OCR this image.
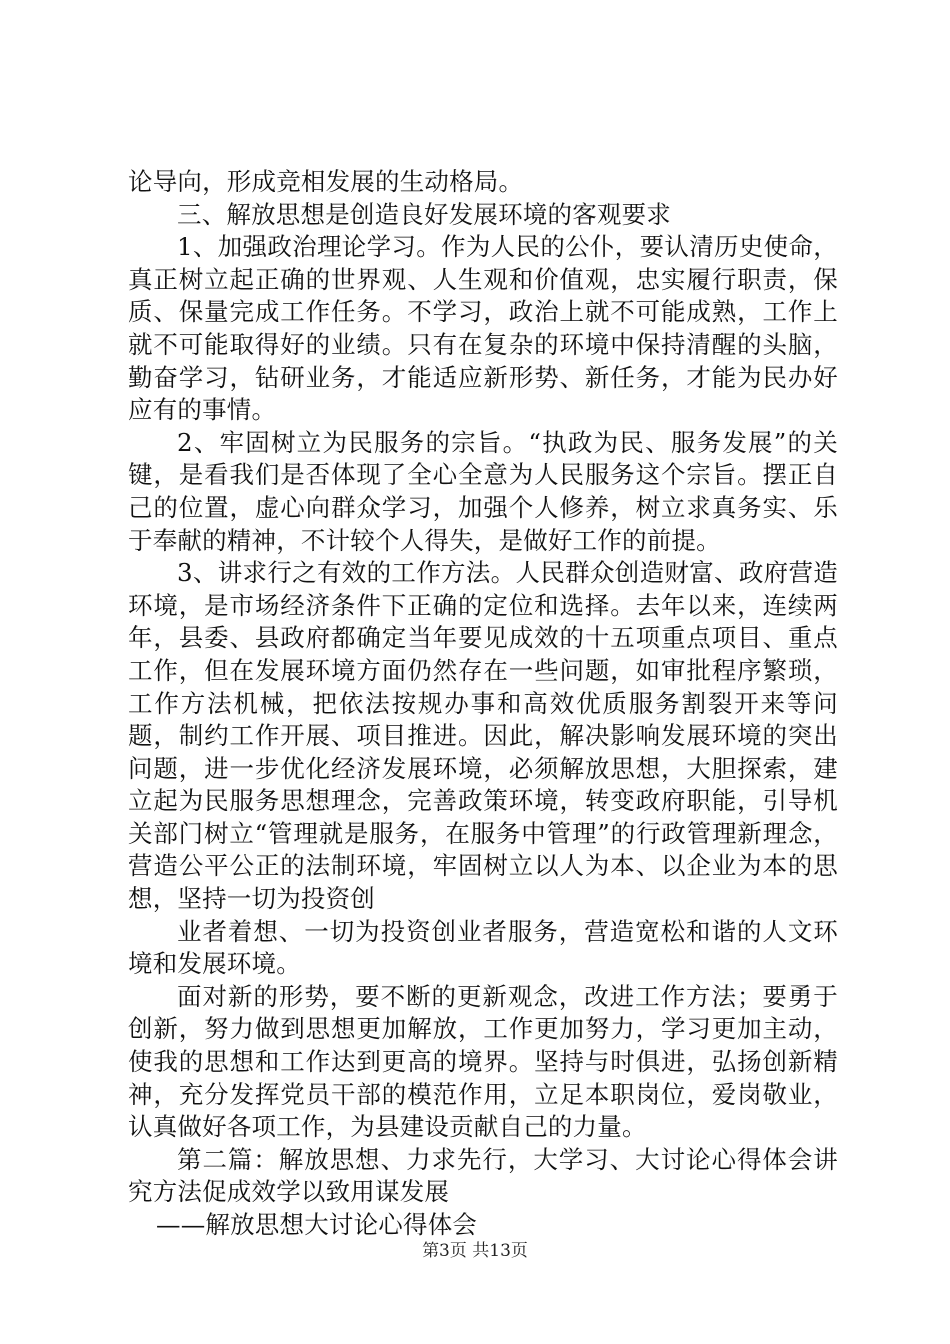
论导向，形成竞相发展的生动格局。

三、解放思想是创造良好发展环境的客观要求

1、加强政治理论学习。作为人民的公仆，要认清历史使命，真正树立起正确的世界观、人生观和价值观，忠实履行职责，保质、保量完成工作任务。不学习，政治上就不可能成熟，工作上就不可能取得好的业绩。只有在复杂的环境中保持清醒的头脑，勤奋学习，钻研业务，才能适应新形势、新任务，才能为民办好应有的事情。

2、牢固树立为民服务的宗旨。“执政为民、服务发展”的关键，是看我们是否体现了全心全意为人民服务这个宗旨。摆正自己的位置，虚心向群众学习，加强个人修养，树立求真务实、乐于奉献的精神，不计较个人得失，是做好工作的前提。

3、讲求行之有效的工作方法。人民群众创造财富、政府营造环境，是市场经济条件下正确的定位和选择。去年以来，连续两年，县委、县政府都确定当年要见成效的十五项重点项目、重点工作，但在发展环境方面仍然存在一些问题，如审批程序繁琐，工作方法机械，把依法按规办事和高效优质服务割裂开来等问题，制约工作开展、项目推进。因此，解决影响发展环境的突出问题，进一步优化经济发展环境，必须解放思想，大胆探索，建立起为民服务思想理念，完善政策环境，转变政府职能，引导机关部门树立“管理就是服务，在服务中管理”的行政管理新理念，营造公平公正的法制环境，牢固树立以人为本、以企业为本的思想，坚持一切为投资创

业者着想、一切为投资创业者服务，营造宽松和谐的人文环境和发展环境。

面对新的形势，要不断的更新观念，改进工作方法；要勇于创新，努力做到思想更加解放，工作更加努力，学习更加主动，使我的思想和工作达到更高的境界。坚持与时俱进，弘扬创新精神，充分发挥党员干部的模范作用，立足本职岗位，爱岗敬业，认真做好各项工作，为县建设贡献自己的力量。

第二篇：解放思想、力求先行，大学习、大讨论心得体会讲究方法促成效学以致用谋发展

——解放思想大讨论心得体会

第3页 共13页
